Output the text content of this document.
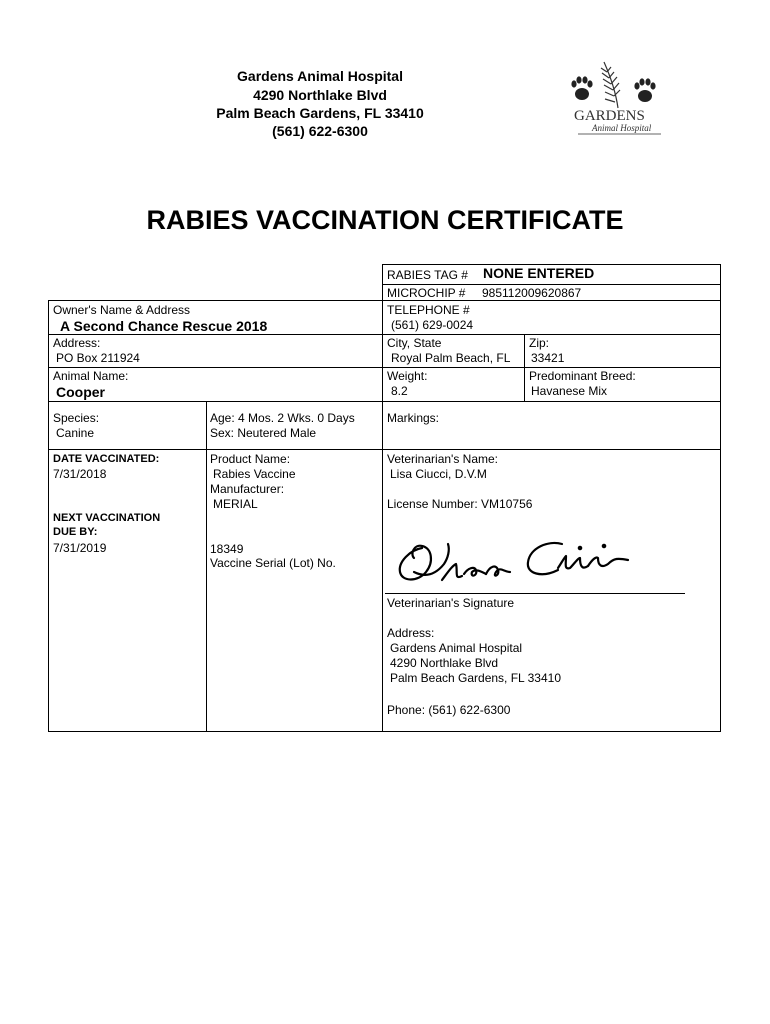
Gardens Animal Hospital
4290 Northlake Blvd
Palm Beach Gardens, FL 33410
(561) 622-6300
GARDENS
Animal Hospital
RABIES VACCINATION CERTIFICATE
RABIES TAG # NONE ENTERED
MICROCHIP # 985112009620867
Owner's Name & Address
A Second Chance Rescue 2018
TELEPHONE #
(561) 629-0024
Address:
PO Box 211924
City, State
Royal Palm Beach, FL
Zip:
33421
Animal Name:
Cooper
Weight:
8.2
Predominant Breed:
Havanese Mix
Species:
Canine
Age: 4 Mos. 2 Wks. 0 Days
Sex: Neutered Male
Markings:
DATE VACCINATED:
7/31/2018
NEXT VACCINATION
DUE BY:
7/31/2019
Product Name:
Rabies Vaccine
Manufacturer:
MERIAL
18349
Vaccine Serial (Lot) No.
Veterinarian's Name:
Lisa Ciucci, D.V.M
License Number: VM10756
Veterinarian's Signature
Address:
Gardens Animal Hospital
4290 Northlake Blvd
Palm Beach Gardens, FL 33410
Phone: (561) 622-6300
